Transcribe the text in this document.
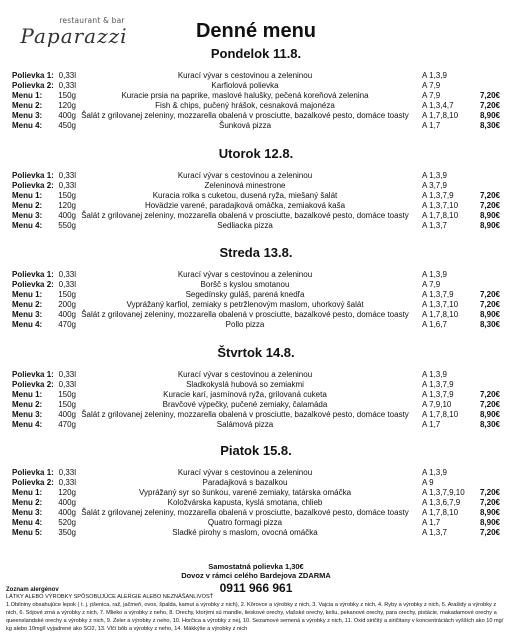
restaurant & bar
Paparazzi	Denné menu
Pondelok 11.8.
Polievka 1: 0,33l	Kurací vývar s cestovinou a zeleninou	A 1,3,9
Polievka 2: 0,33l	Karfiolová polievka	A 7,9
Menu 1: 150g	Kuracie prsia na paprike, maslové halušky, pečená koreňová zelenina	A 7,9	7,20€
Menu 2: 120g	Fish & chips, pučený hrášok, cesnaková majonéza	A 1,3,4,7	7,20€
Menu 3: 400g Šalát z grilovanej zeleniny, mozzarella obalená v prosciutte, bazalkové pesto, domáce toasty A 1,7,8,10	8,90€
Menu 4: 450g	Šunková pizza	A 1,7	8,30€
Utorok 12.8.
Polievka 1: 0,33l	Kurací vývar s cestovinou a zeleninou	A 1,3,9
Polievka 2: 0,33l	Zeleninová minestrone	A 3,7,9
Menu 1: 150g	Kuracia rolka s cuketou, dusená ryža, miešaný šalát	A 1,3,7,9	7,20€
Menu 2: 120g	Hovädzie varené, paradajková omáčka, zemiaková kaša	A 1,3,7,10	7,20€
Menu 3: 400g Šalát z grilovanej zeleniny, mozzarella obalená v prosciutte, bazalkové pesto, domáce toasty A 1,7,8,10	8,90€
Menu 4: 550g	Sedliacka pizza	A 1,3,7	8,90€
Streda 13.8.
Polievka 1: 0,33l	Kurací vývar s cestovinou a zeleninou	A 1,3,9
Polievka 2: 0,33l	Boršč s kyslou smotanou	A 7,9
Menu 1: 150g	Segedínsky guláš, parená knedľa	A 1,3,7,9	7,20€
Menu 2: 200g	Vyprážaný karfiol, zemiaky s petržlenovým maslom, uhorkový šalát	A 1,3,7,10	7,20€
Menu 3: 400g Šalát z grilovanej zeleniny, mozzarella obalená v prosciutte, bazalkové pesto, domáce toasty A 1,7,8,10	8,90€
Menu 4: 470g	Pollo pizza	A 1,6,7	8,30€
Štvrtok 14.8.
Polievka 1: 0,33l	Kurací vývar s cestovinou a zeleninou	A 1,3,9
Polievka 2: 0,33l	Sladkokyslá hubová so zemiakmi	A 1,3,7,9
Menu 1: 150g	Kuracie karí, jasmínová ryža, grilovaná cuketa	A 1,3,7,9	7,20€
Menu 2: 150g	Bravčové výpečky, pučené zemiaky, čalamáda	A 7,9,10	7,20€
Menu 3: 400g Šalát z grilovanej zeleniny, mozzarella obalená v prosciutte, bazalkové pesto, domáce toasty A 1,7,8,10	8,90€
Menu 4: 470g	Salámová pizza	A 1,7	8,30€
Piatok 15.8.
Polievka 1: 0,33l	Kurací vývar s cestovinou a zeleninou	A 1,3,9
Polievka 2: 0,33l	Paradajková s bazalkou	A 9
Menu 1: 120g	Vyprážaný syr so šunkou, varené zemiaky, tatárska omáčka	A 1,3,7,9,10	7,20€
Menu 2: 400g	Koložvárska kapusta, kyslá smotana, chlieb	A 1,3,6,7,9	7,20€
Menu 3: 400g Šalát z grilovanej zeleniny, mozzarella obalená v prosciutte, bazalkové pesto, domáce toasty A 1,7,8,10	8,90€
Menu 4: 520g	Quatro formagi pizza	A 1,7	8,90€
Menu 5: 350g	Sladké pirohy s maslom, ovocná omáčka	A 1,3,7	7,20€
Samostatná polievka 1,30€
Dovoz v rámci celého Bardejova ZDARMA
0911 966 961
Zoznam alergénov
LÁTKY ALEBO VÝROBKY SPÔSOBUJÚCE ALERGIE ALEBO NEZNÁŠANLIVOSŤ
1.Obilniny obsahujúce lepok ( t. j. pšenica, raž, jačmeň, ovos, špalda, kamut a výrobky z nich), 2. Kôrovce a výrobky z nich, 3. Vajcia a výrobky z nich, 4. Ryby a výrobky z nich, 5. Arašidy a výrobky z nich, 6. Sójové zrná a výrobky z nich, 7. Mlieko a výrobky z neho, 8. Orechy, ktorými sú mandle, lieskové orechy, vlašské orechy, kešu, pekanové orechy, para orechy, pistácie, makadamové orechy a queenslandské orechy a výrobky z nich, 9. Zeler a výrobky z neho, 10. Horčica a výrobky z nej, 10. Sezamové semená a výrobky z nich, 11. Oxid siričitý a siričitany v koncentráciách vyšších ako 10 mg/ kg alebo 10mg/l vyjadrené ako SO2, 13. Vlčí bôb a výrobky z neho, 14. Mäkkýše a výrobky z nich
